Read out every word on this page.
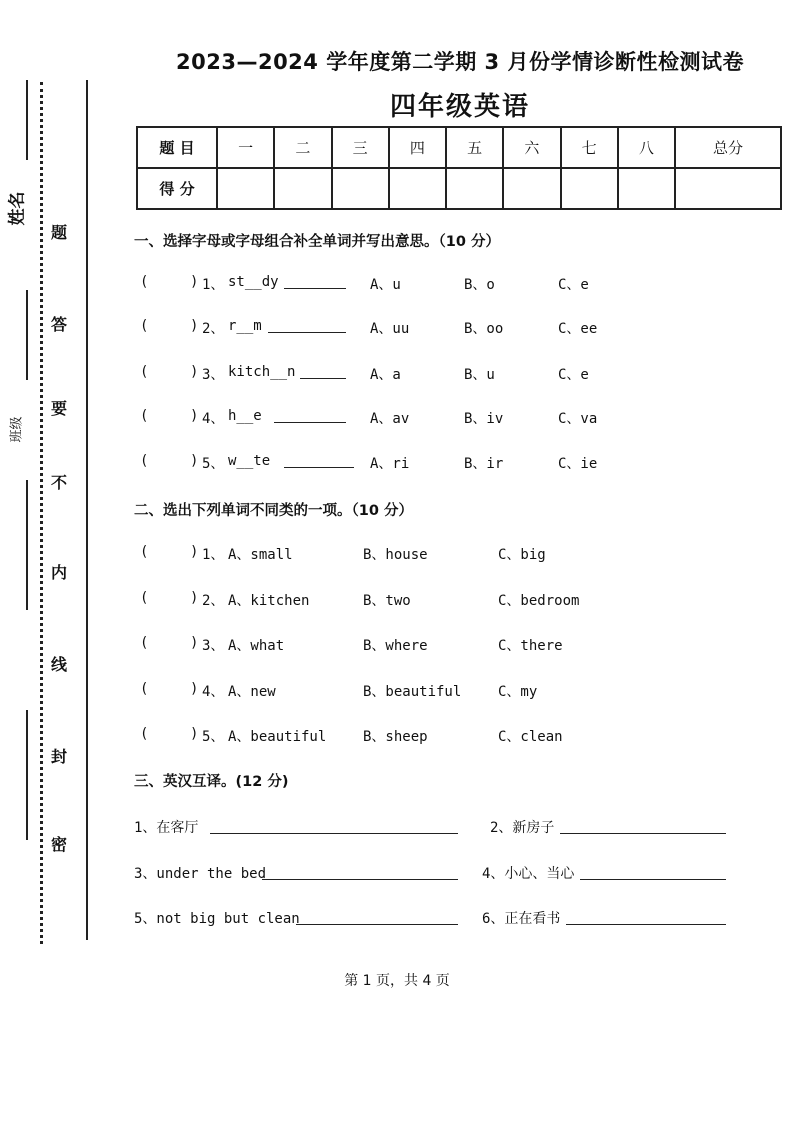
姓名
班级
题
答
要
不
内
线
封
密
2023—2024 学年度第二学期 3 月份学情诊断性检测试卷
四年级英语
题 目	一	二	三	四	五	六	七	八	总分
得 分									
一、选择字母或字母组合补全单词并写出意思。（10 分）
(	) 1、 st__dy	A、u	B、o	C、e
(	) 2、 r__m	A、uu	B、oo	C、ee
(	) 3、 kitch__n	A、a	B、u	C、e
(	) 4、 h__e	A、av	B、iv	C、va
(	) 5、 w__te	A、ri	B、ir	C、ie
二、选出下列单词不同类的一项。（10 分）
(	) 1、 A、small	B、house	C、big
(	) 2、 A、kitchen	B、two	C、bedroom
(	) 3、 A、what	B、where	C、there
(	) 4、 A、new	B、beautiful	C、my
(	) 5、 A、beautiful	B、sheep	C、clean
三、英汉互译。(12 分)
1、在客厅	2、新房子
3、under the bed	4、小心、当心
5、not big but clean	6、正在看书
第 1 页，共 4 页
